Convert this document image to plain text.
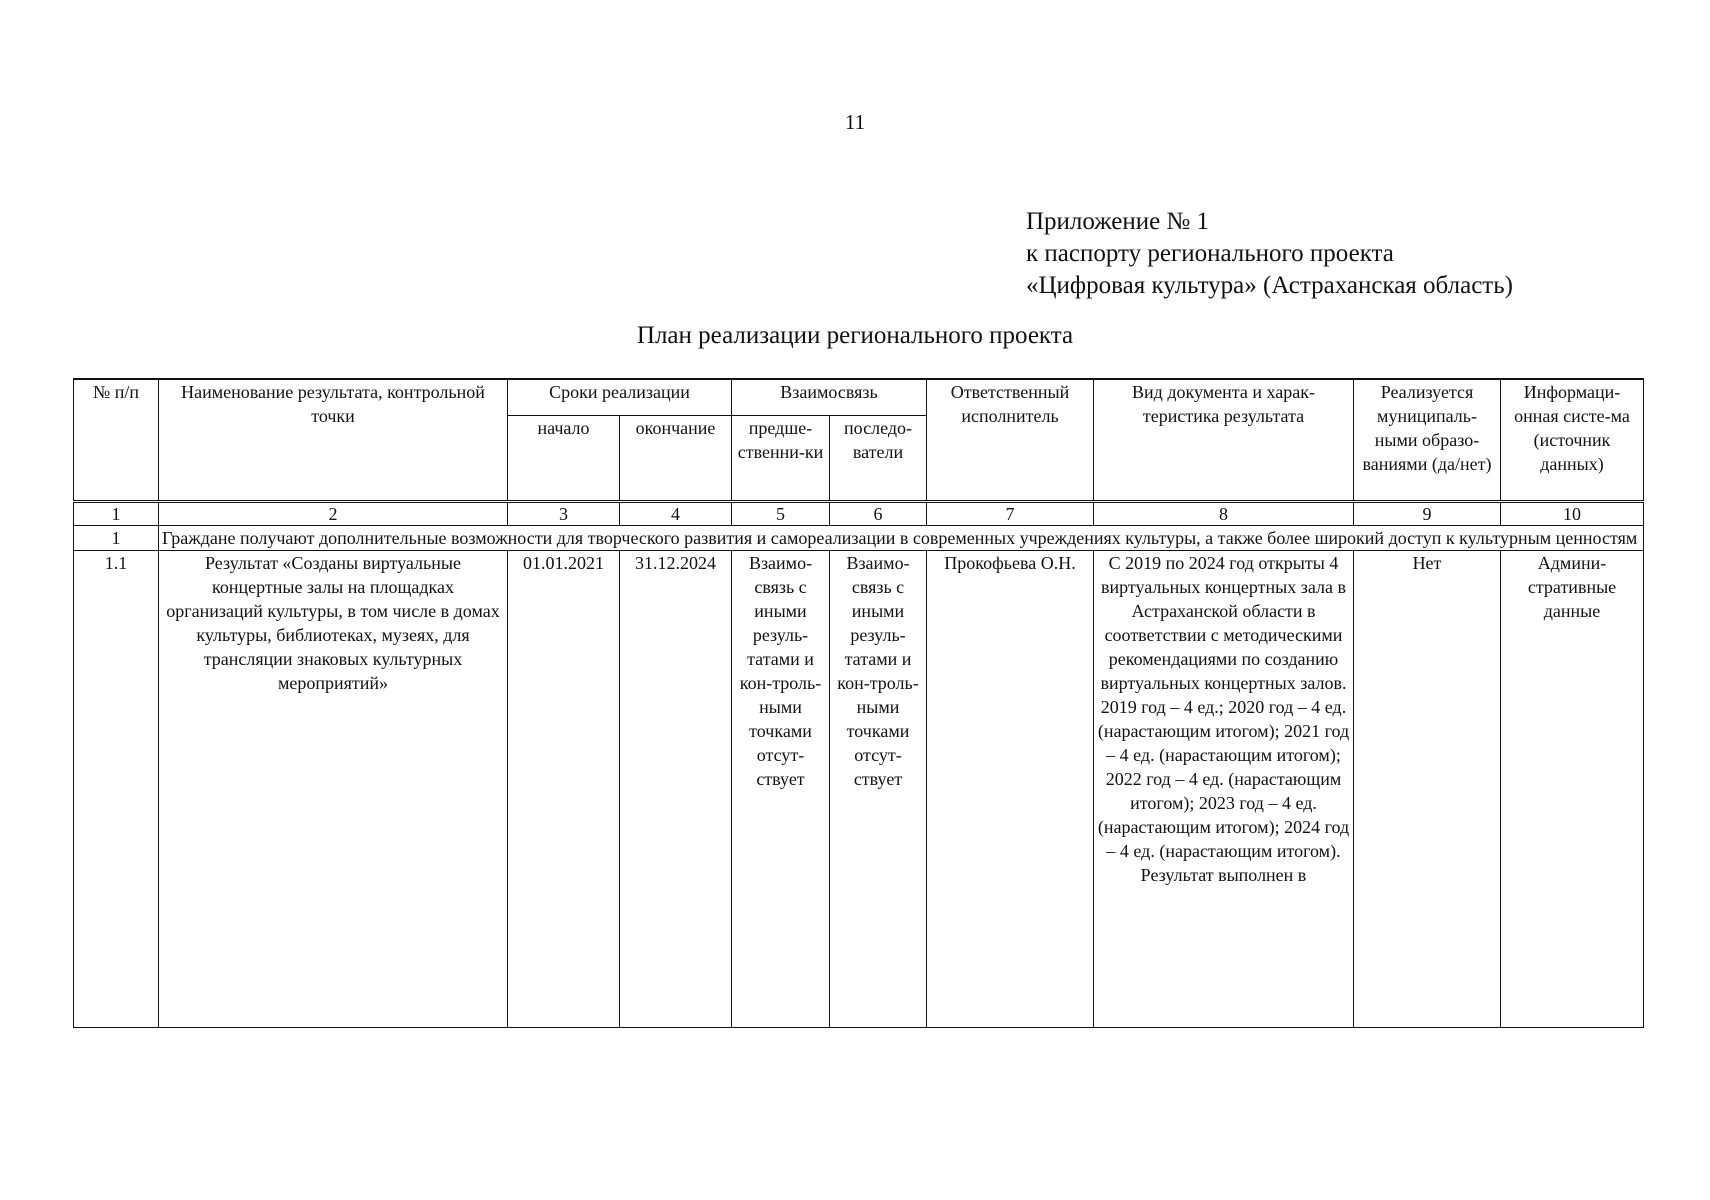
11
Приложение № 1
к паспорту регионального проекта
«Цифровая культура» (Астраханская область)
План реализации регионального проекта
№ п/п	Наименование результата, контрольной точки	Сроки реализации		Взаимосвязь		Ответственный исполнитель	Вид документа и харак-теристика результата	Реализуется муниципаль-ными образо-ваниями (да/нет)	Информаци-онная систе-ма (источник данных)
		начало	окончание	предше-ственни-ки	последо-ватели				
1	2	3	4	5	6	7	8	9	10
1	Граждане получают дополнительные возможности для творческого развития и самореализации в современных учреждениях культуры, а также более широкий доступ к культурным ценностям								
1.1	Результат «Созданы виртуальные концертные залы на площадках организаций культуры, в том числе в домах культуры, библиотеках, музеях, для трансляции знаковых культурных мероприятий»	01.01.2021	31.12.2024	Взаимо-связь с иными резуль-татами и кон-троль-ными точками отсут-ствует	Взаимо-связь с иными резуль-татами и кон-троль-ными точками отсут-ствует	Прокофьева О.Н.	С 2019 по 2024 год открыты 4 виртуальных концертных зала в Астраханской области в соответствии с методическими рекомендациями по созданию виртуальных концертных залов. 2019 год – 4 ед.; 2020 год – 4 ед. (нарастающим итогом); 2021 год – 4 ед. (нарастающим итогом); 2022 год – 4 ед. (нарастающим итогом); 2023 год – 4 ед. (нарастающим итогом); 2024 год – 4 ед. (нарастающим итогом). Результат выполнен в	Нет	Админи-стративные данные
